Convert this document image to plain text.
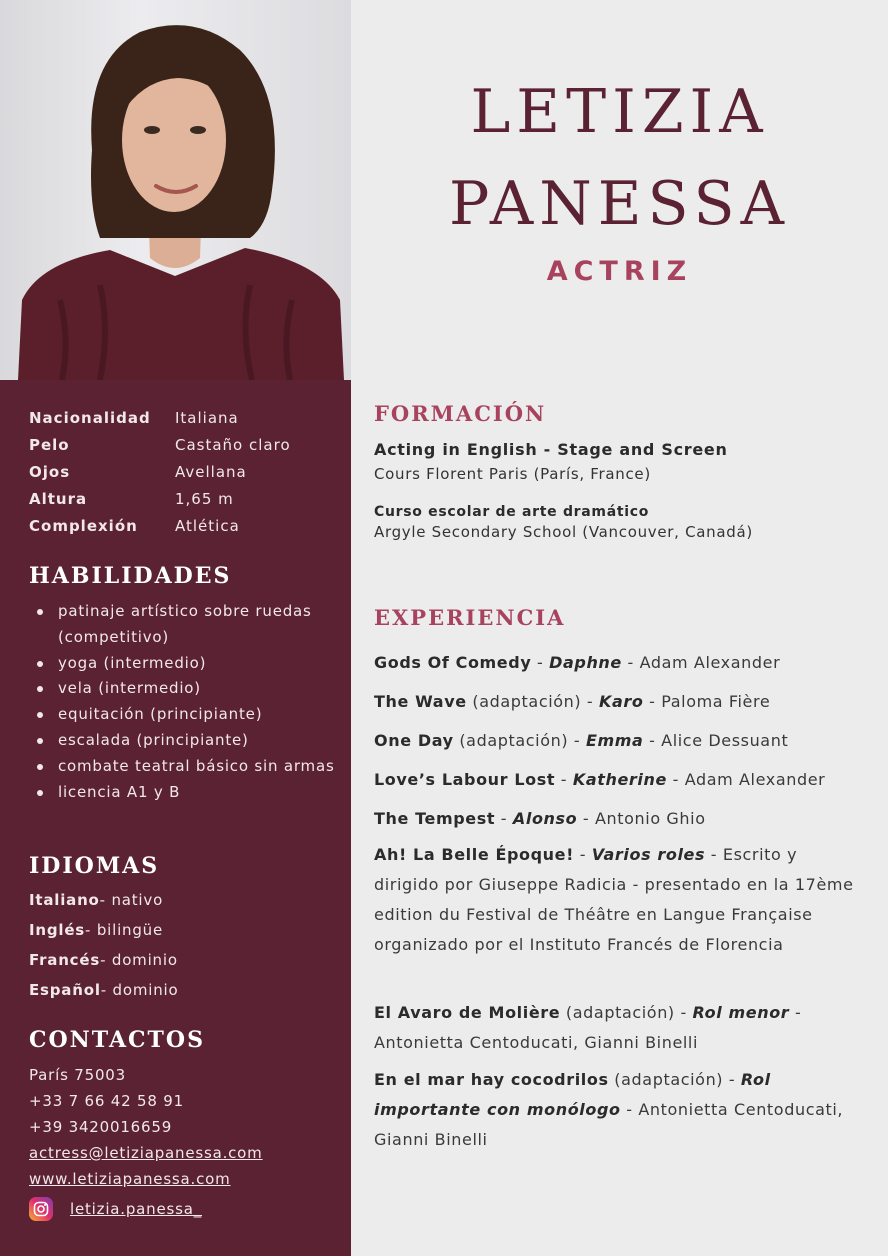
Nacionalidad	Italiana
Pelo	Castaño claro
Ojos	Avellana
Altura	1,65 m
Complexión	Atlética
HABILIDADES
patinaje artístico sobre ruedas (competitivo)
yoga (intermedio)
vela (intermedio)
equitación (principiante)
escalada (principiante)
combate teatral básico sin armas
licencia A1 y B
IDIOMAS
Italiano - nativo
Inglés - bilingüe
Francés - dominio
Español - dominio
CONTACTOS
París 75003
+33 7 66 42 58 91
+39 3420016659
actress@letiziapanessa.com
www.letiziapanessa.com
letizia.panessa_
LETIZIA
PANESSA
ACTRIZ
FORMACIÓN
Acting in English - Stage and Screen
Cours Florent Paris (París, France)
Curso escolar de arte dramático
Argyle Secondary School (Vancouver, Canadá)
EXPERIENCIA
Gods Of Comedy - Daphne - Adam Alexander
The Wave (adaptación) - Karo - Paloma Fière
One Day (adaptación) - Emma - Alice Dessuant
Love’s Labour Lost - Katherine - Adam Alexander
The Tempest - Alonso - Antonio Ghio
Ah! La Belle Époque! - Varios roles - Escrito y dirigido por Giuseppe Radicia - presentado en la 17ème edition du Festival de Théâtre en Langue Française organizado por el Instituto Francés de Florencia
El Avaro de Molière (adaptación) - Rol menor - Antonietta Centoducati, Gianni Binelli
En el mar hay cocodrilos (adaptación) - Rol importante con monólogo - Antonietta Centoducati, Gianni Binelli
